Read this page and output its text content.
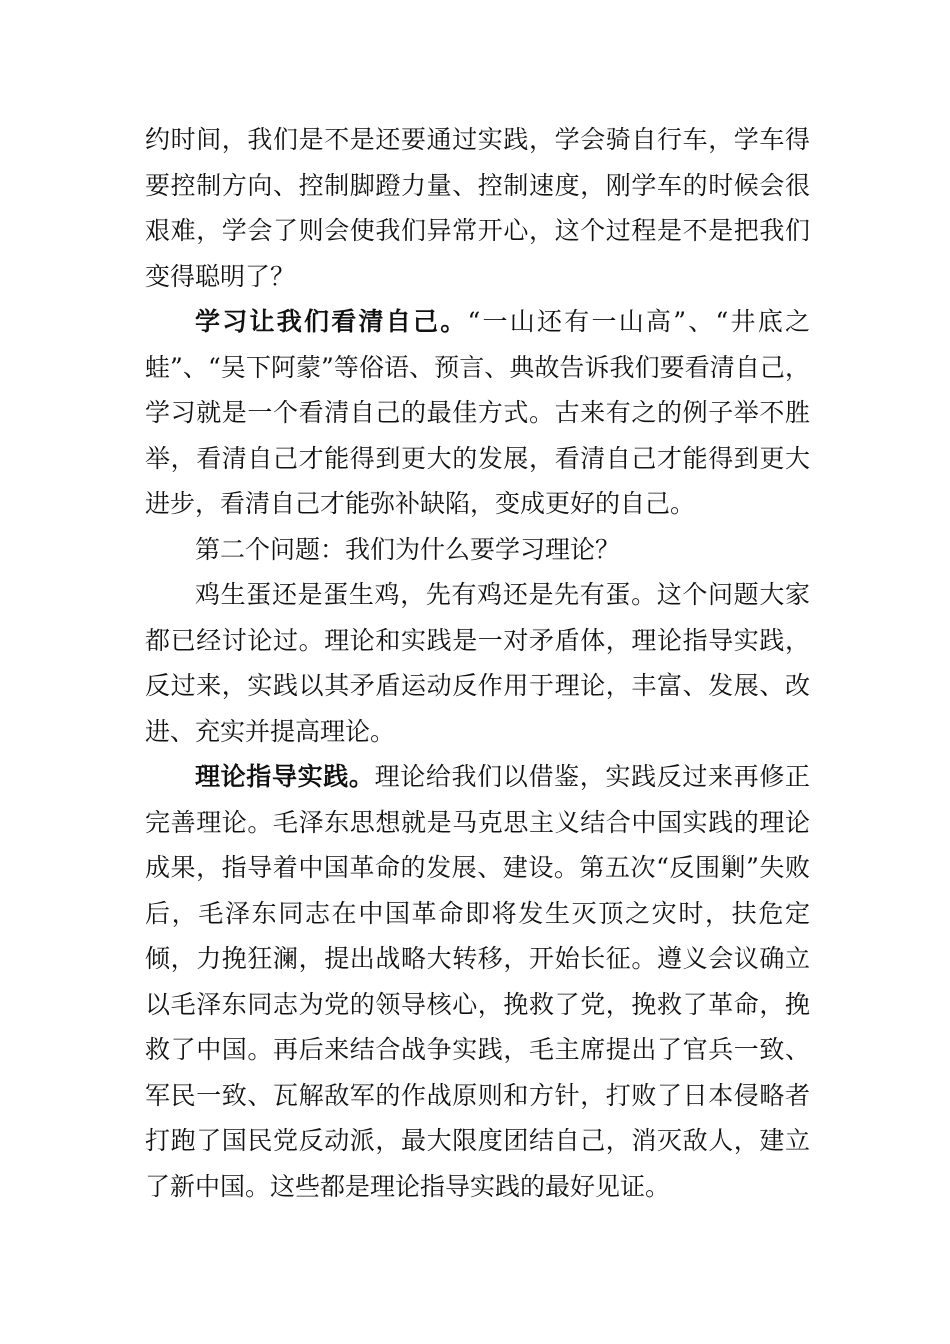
约时间，我们是不是还要通过实践，学会骑自行车，学车得要控制方向、控制脚蹬力量、控制速度，刚学车的时候会很艰难，学会了则会使我们异常开心，这个过程是不是把我们变得聪明了？

学习让我们看清自己。“一山还有一山高”、“井底之蛙”、“吴下阿蒙”等俗语、预言、典故告诉我们要看清自己，学习就是一个看清自己的最佳方式。古来有之的例子举不胜举，看清自己才能得到更大的发展，看清自己才能得到更大进步，看清自己才能弥补缺陷，变成更好的自己。

第二个问题：我们为什么要学习理论？

鸡生蛋还是蛋生鸡，先有鸡还是先有蛋。这个问题大家都已经讨论过。理论和实践是一对矛盾体，理论指导实践，反过来，实践以其矛盾运动反作用于理论，丰富、发展、改进、充实并提高理论。

理论指导实践。理论给我们以借鉴，实践反过来再修正完善理论。毛泽东思想就是马克思主义结合中国实践的理论成果，指导着中国革命的发展、建设。第五次“反围剿”失败后，毛泽东同志在中国革命即将发生灭顶之灾时，扶危定倾，力挽狂澜，提出战略大转移，开始长征。遵义会议确立以毛泽东同志为党的领导核心，挽救了党，挽救了革命，挽救了中国。再后来结合战争实践，毛主席提出了官兵一致、军民一致、瓦解敌军的作战原则和方针，打败了日本侵略者打跑了国民党反动派，最大限度团结自己，消灭敌人，建立了新中国。这些都是理论指导实践的最好见证。
